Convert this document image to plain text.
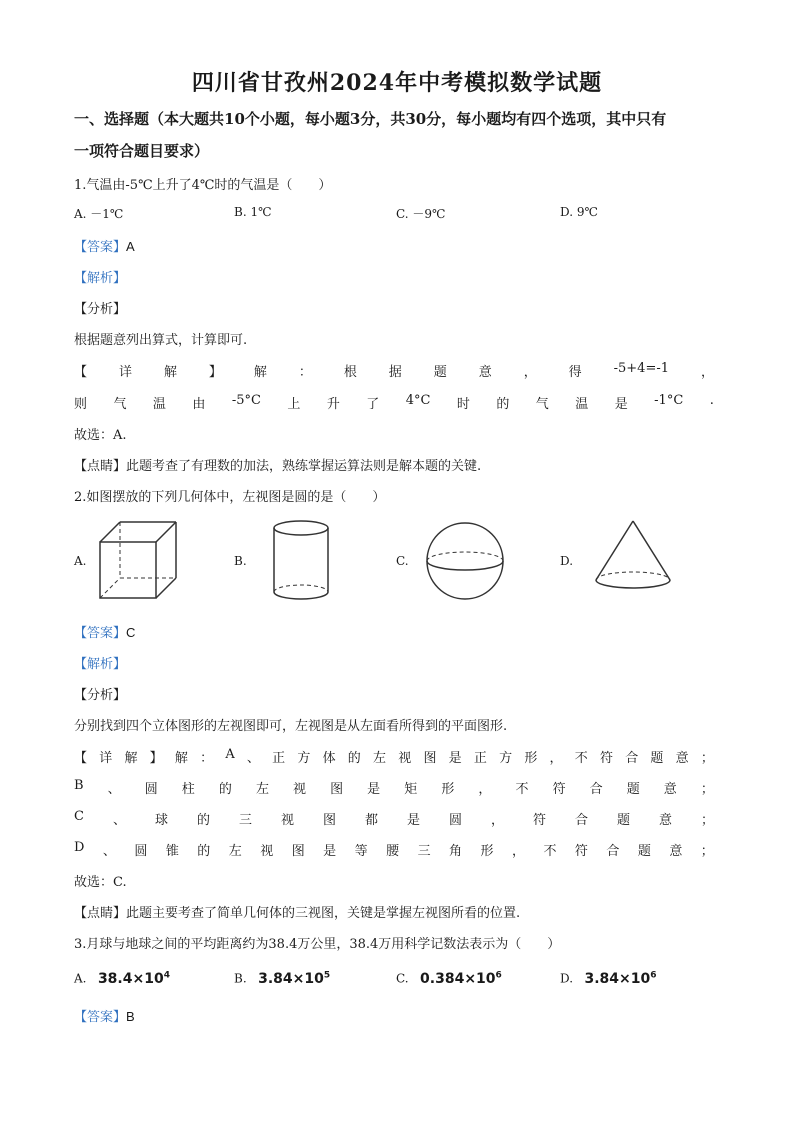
四川省甘孜州2024年中考模拟数学试题
一、选择题（本大题共10个小题，每小题3分，共30分，每小题均有四个选项，其中只有
一项符合题目要求）
1.气温由-5℃上升了4℃时的气温是（　　）
A. －1℃	B. 1℃	C. －9℃	D. 9℃
【答案】A
【解析】
【分析】
根据题意列出算式，计算即可.
【 详 解 】 解 ： 根 据 题 意 ， 得 -5+4=-1 ，
则 气 温 由 -5°C 上 升 了 4°C 时 的 气 温 是 -1°C .
故选：A.
【点睛】此题考查了有理数的加法，熟练掌握运算法则是解本题的关键.
2.如图摆放的下列几何体中，左视图是圆的是（　　）
A.	B.	C.	D.
【答案】C
【解析】
【分析】
分别找到四个立体图形的左视图即可，左视图是从左面看所得到的平面图形.
【 详 解 】 解 ： A 、 正 方 体 的 左 视 图 是 正 方 形 ， 不 符 合 题 意 ；
B 、 圆 柱 的 左 视 图 是 矩 形 ， 不 符 合 题 意 ；
C 、 球 的 三 视 图 都 是 圆 ， 符 合 题 意 ；
D 、 圆 锥 的 左 视 图 是 等 腰 三 角 形 ， 不 符 合 题 意 ；
故选：C.
【点睛】此题主要考查了简单几何体的三视图，关键是掌握左视图所看的位置.
3.月球与地球之间的平均距离约为38.4万公里，38.4万用科学记数法表示为（　　）
A. $38.4\times 10^4$	B. $3.84\times 10^5$	C. $0.384\times 10^6$	D. $3.84\times 10^6$
【答案】B
